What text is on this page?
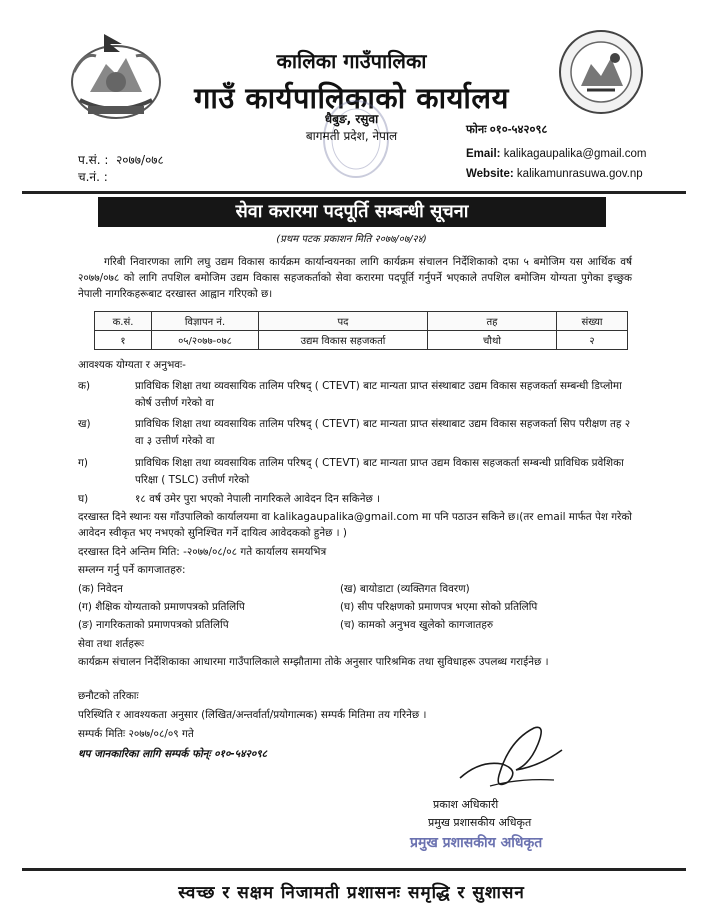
कालिका गाउँपालिका
गाउँ कार्यपालिकाको कार्यालय
धैबुङ, रसुवा
बागमती प्रदेश, नेपाल
प.सं. : २०७७/०७८
च.नं. :
फोनः ०१०-५४२०९८
Email: kalikagaupalika@gmail.com
Website: kalikamunrasuwa.gov.np
सेवा करारमा पदपूर्ति सम्बन्धी सूचना
(प्रथम पटक प्रकाशन मिति २०७७/०७/२४)
गरिबी निवारणका लागि लघु उद्यम विकास कार्यक्रम कार्यान्वयनका लागि कार्यक्रम संचालन निर्देशिकाको दफा ५ बमोजिम यस आर्थिक वर्ष २०७७/०७८ को लागि तपशिल बमोजिम उद्यम विकास सहजकर्ताको सेवा करारमा पदपूर्ति गर्नुपर्ने भएकाले तपशिल बमोजिम योग्यता पुगेका इच्छुक नेपाली नागरिकहरूबाट दरखास्त आह्वान गरिएको छ।
क.सं.	विज्ञापन नं.	पद	तह	संख्या
१	०५/२०७७-०७८	उद्यम विकास सहजकर्ता	चौथो	२
आवश्यक योग्यता र अनुभवः-
क)	प्राविधिक शिक्षा तथा व्यवसायिक तालिम परिषद् ( CTEVT) बाट मान्यता प्राप्त संस्थाबाट उद्यम विकास सहजकर्ता सम्बन्धी डिप्लोमा कोर्ष उत्तीर्ण गरेको वा
ख)	प्राविधिक शिक्षा तथा व्यवसायिक तालिम परिषद् ( CTEVT) बाट मान्यता प्राप्त संस्थाबाट उद्यम विकास सहजकर्ता सिप परीक्षण तह २ वा ३ उत्तीर्ण गरेको वा
ग)	प्राविधिक शिक्षा तथा व्यवसायिक तालिम परिषद् ( CTEVT) बाट मान्यता प्राप्त उद्यम विकास सहजकर्ता सम्बन्धी प्राविधिक प्रवेशिका परिक्षा ( TSLC) उत्तीर्ण गरेको
घ)	१८ वर्ष उमेर पुरा भएको नेपाली नागरिकले आवेदन दिन सकिनेछ ।
दरखास्त दिने स्थानः यस गाँउपालिको कार्यालयमा वा kalikagaupalika@gmail.com मा पनि पठाउन सकिने छ।(तर email मार्फत पेश गरेको आवेदन स्वीकृत भए नभएको सुनिश्चित गर्ने दायित्व आवेदकको हुनेछ । )
दरखास्त दिने अन्तिम मिति: -२०७७/०८/०८ गते कार्यालय समयभित्र
सम्लग्न गर्नु पर्ने कागजातहरु:
(क) निवेदन	(ख) बायोडाटा (व्यक्तिगत विवरण)
(ग) शैक्षिक योग्यताको प्रमाणपत्रको प्रतिलिपि	(घ) सीप परिक्षणको प्रमाणपत्र भएमा सोको प्रतिलिपि
(ङ) नागरिकताको प्रमाणपत्रको प्रतिलिपि	(च) कामको अनुभव खुलेको कागजातहरु
सेवा तथा शर्तहरूः
कार्यक्रम संचालन निर्देशिकाका आधारमा गाउँपालिकाले सम्झौतामा तोके अनुसार पारिश्रमिक तथा सुविधाहरू उपलब्ध गराईनेछ ।
छनौटको तरिकाः
परिस्थिति र आवश्यकता अनुसार (लिखित/अन्तर्वार्ता/प्रयोगात्मक) सम्पर्क मितिमा तय गरिनेछ ।
सम्पर्क मितिः २०७७/०८/०९ गते
थप जानकारिका लागि सम्पर्क फोन्ः ०१०-५४२०९८
प्रकाश अधिकारी
प्रमुख प्रशासकीय अधिकृत
प्रमुख प्रशासकीय अधिकृत
स्वच्छ र सक्षम निजामती प्रशासनः समृद्धि र सुशासन
